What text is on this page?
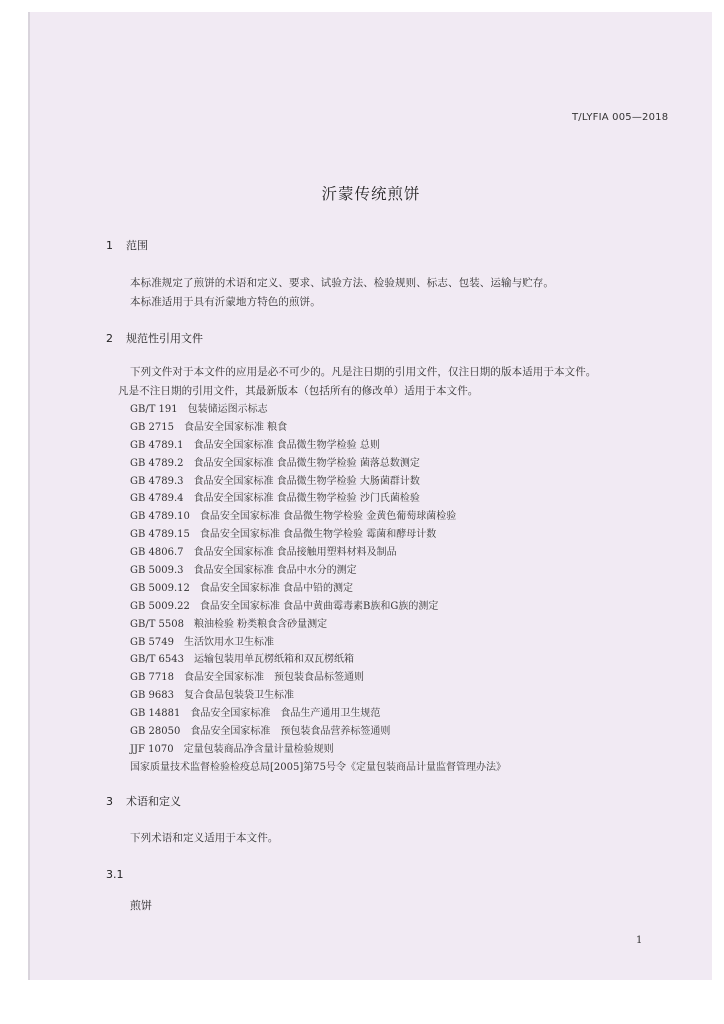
T/LYFIA 005—2018
沂蒙传统煎饼
1 范围
本标准规定了煎饼的术语和定义、要求、试验方法、检验规则、标志、包装、运输与贮存。
本标准适用于具有沂蒙地方特色的煎饼。
2 规范性引用文件
下列文件对于本文件的应用是必不可少的。凡是注日期的引用文件，仅注日期的版本适用于本文件。
凡是不注日期的引用文件，其最新版本（包括所有的修改单）适用于本文件。
GB/T 191　包装储运图示标志
GB 2715　食品安全国家标准 粮食
GB 4789.1　食品安全国家标准 食品微生物学检验 总则
GB 4789.2　食品安全国家标准 食品微生物学检验 菌落总数测定
GB 4789.3　食品安全国家标准 食品微生物学检验 大肠菌群计数
GB 4789.4　食品安全国家标准 食品微生物学检验 沙门氏菌检验
GB 4789.10　食品安全国家标准 食品微生物学检验 金黄色葡萄球菌检验
GB 4789.15　食品安全国家标准 食品微生物学检验 霉菌和酵母计数
GB 4806.7　食品安全国家标准 食品接触用塑料材料及制品
GB 5009.3　食品安全国家标准 食品中水分的测定
GB 5009.12　食品安全国家标准 食品中铅的测定
GB 5009.22　食品安全国家标准 食品中黄曲霉毒素B族和G族的测定
GB/T 5508　粮油检验 粉类粮食含砂量测定
GB 5749　生活饮用水卫生标准
GB/T 6543　运输包装用单瓦楞纸箱和双瓦楞纸箱
GB 7718　食品安全国家标准　预包装食品标签通则
GB 9683　复合食品包装袋卫生标准
GB 14881　食品安全国家标准　食品生产通用卫生规范
GB 28050　食品安全国家标准　预包装食品营养标签通则
JJF 1070　定量包装商品净含量计量检验规则
国家质量技术监督检验检疫总局[2005]第75号令《定量包装商品计量监督管理办法》
3 术语和定义
下列术语和定义适用于本文件。
3.1
煎饼
1
